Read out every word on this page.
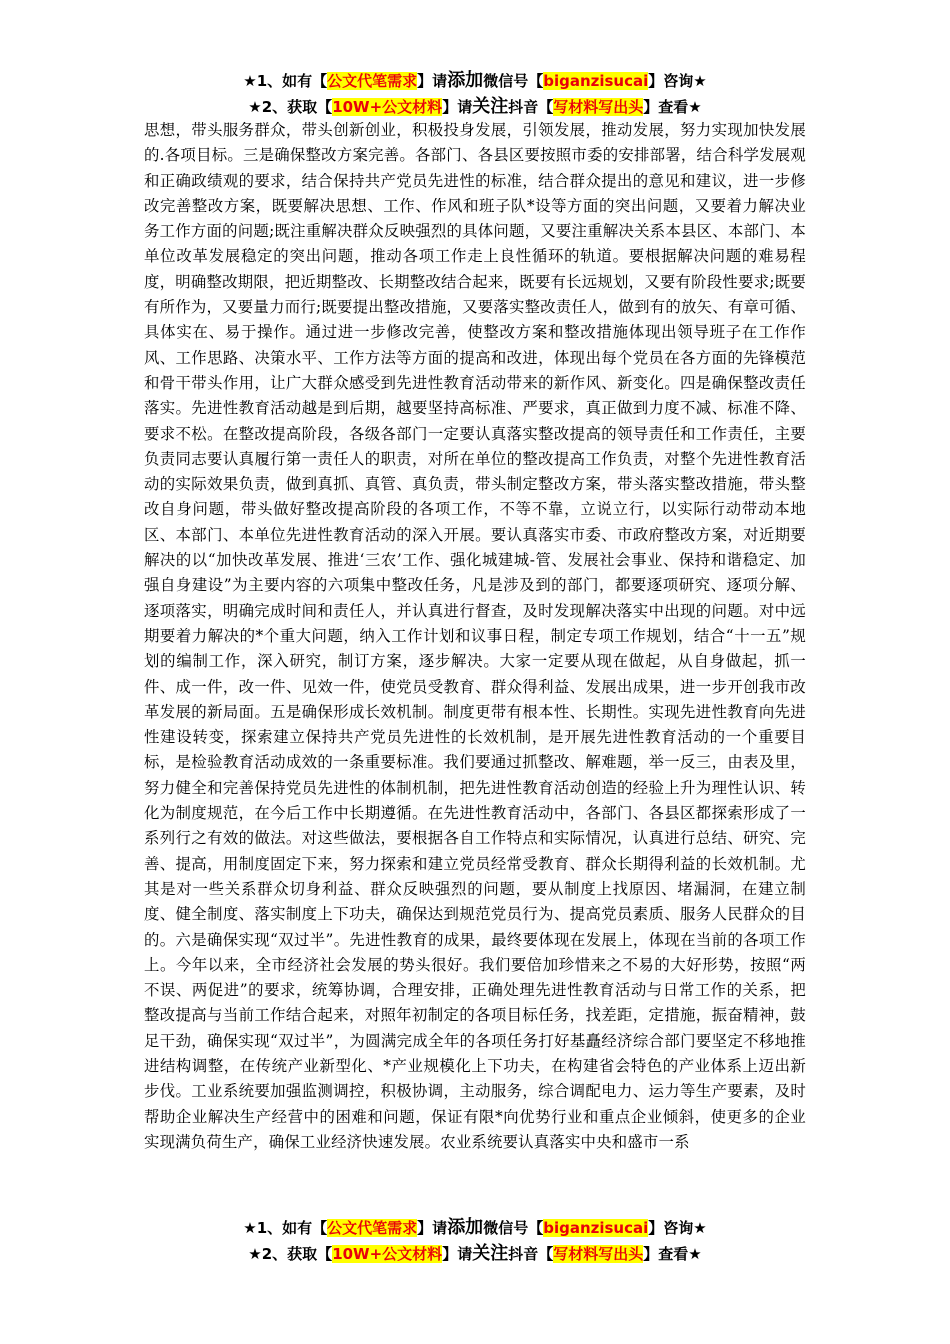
★1、如有【公文代笔需求】请添加微信号【biganzisucai】咨询★
★2、获取【10W+公文材料】请关注抖音【写材料写出头】查看★

思想，带头服务群众，带头创新创业，积极投身发展，引领发展，推动发展，努力实现加快发展的.各项目标。三是确保整改方案完善。各部门、各县区要按照市委的安排部署，结合科学发展观和正确政绩观的要求，结合保持共产党员先进性的标准，结合群众提出的意见和建议，进一步修改完善整改方案，既要解决思想、工作、作风和班子队*设等方面的突出问题，又要着力解决业务工作方面的问题;既注重解决群众反映强烈的具体问题，又要注重解决关系本县区、本部门、本单位改革发展稳定的突出问题，推动各项工作走上良性循环的轨道。要根据解决问题的难易程度，明确整改期限，把近期整改、长期整改结合起来，既要有长远规划，又要有阶段性要求;既要有所作为，又要量力而行;既要提出整改措施，又要落实整改责任人，做到有的放矢、有章可循、具体实在、易于操作。通过进一步修改完善，使整改方案和整改措施体现出领导班子在工作作风、工作思路、决策水平、工作方法等方面的提高和改进，体现出每个党员在各方面的先锋模范和骨干带头作用，让广大群众感受到先进性教育活动带来的新作风、新变化。四是确保整改责任落实。先进性教育活动越是到后期，越要坚持高标准、严要求，真正做到力度不减、标准不降、要求不松。在整改提高阶段，各级各部门一定要认真落实整改提高的领导责任和工作责任，主要负责同志要认真履行第一责任人的职责，对所在单位的整改提高工作负责，对整个先进性教育活动的实际效果负责，做到真抓、真管、真负责，带头制定整改方案，带头落实整改措施，带头整改自身问题，带头做好整改提高阶段的各项工作，不等不靠，立说立行，以实际行动带动本地区、本部门、本单位先进性教育活动的深入开展。要认真落实市委、市政府整改方案，对近期要解决的以“加快改革发展、推进‘三农’工作、强化城建城-管、发展社会事业、保持和谐稳定、加强自身建设”为主要内容的六项集中整改任务，凡是涉及到的部门，都要逐项研究、逐项分解、逐项落实，明确完成时间和责任人，并认真进行督查，及时发现解决落实中出现的问题。对中远期要着力解决的*个重大问题，纳入工作计划和议事日程，制定专项工作规划，结合“十一五”规划的编制工作，深入研究，制订方案，逐步解决。大家一定要从现在做起，从自身做起，抓一件、成一件，改一件、见效一件，使党员受教育、群众得利益、发展出成果，进一步开创我市改革发展的新局面。五是确保形成长效机制。制度更带有根本性、长期性。实现先进性教育向先进性建设转变，探索建立保持共产党员先进性的长效机制，是开展先进性教育活动的一个重要目标，是检验教育活动成效的一条重要标准。我们要通过抓整改、解难题，举一反三，由表及里，努力健全和完善保持党员先进性的体制机制，把先进性教育活动创造的经验上升为理性认识、转化为制度规范，在今后工作中长期遵循。在先进性教育活动中，各部门、各县区都探索形成了一系列行之有效的做法。对这些做法，要根据各自工作特点和实际情况，认真进行总结、研究、完善、提高，用制度固定下来，努力探索和建立党员经常受教育、群众长期得利益的长效机制。尤其是对一些关系群众切身利益、群众反映强烈的问题，要从制度上找原因、堵漏洞，在建立制度、健全制度、落实制度上下功夫，确保达到规范党员行为、提高党员素质、服务人民群众的目的。六是确保实现“双过半”。先进性教育的成果，最终要体现在发展上，体现在当前的各项工作上。今年以来，全市经济社会发展的势头很好。我们要倍加珍惜来之不易的大好形势，按照“两不误、两促进”的要求，统筹协调，合理安排，正确处理先进性教育活动与日常工作的关系，把整改提高与当前工作结合起来，对照年初制定的各项目标任务，找差距，定措施，振奋精神，鼓足干劲，确保实现“双过半”，为圆满完成全年的各项任务打好基矗经济综合部门要坚定不移地推进结构调整，在传统产业新型化、*产业规模化上下功夫，在构建省会特色的产业体系上迈出新步伐。工业系统要加强监测调控，积极协调，主动服务，综合调配电力、运力等生产要素，及时帮助企业解决生产经营中的困难和问题，保证有限*向优势行业和重点企业倾斜，使更多的企业实现满负荷生产，确保工业经济快速发展。农业系统要认真落实中央和盛市一系

★1、如有【公文代笔需求】请添加微信号【biganzisucai】咨询★
★2、获取【10W+公文材料】请关注抖音【写材料写出头】查看★
